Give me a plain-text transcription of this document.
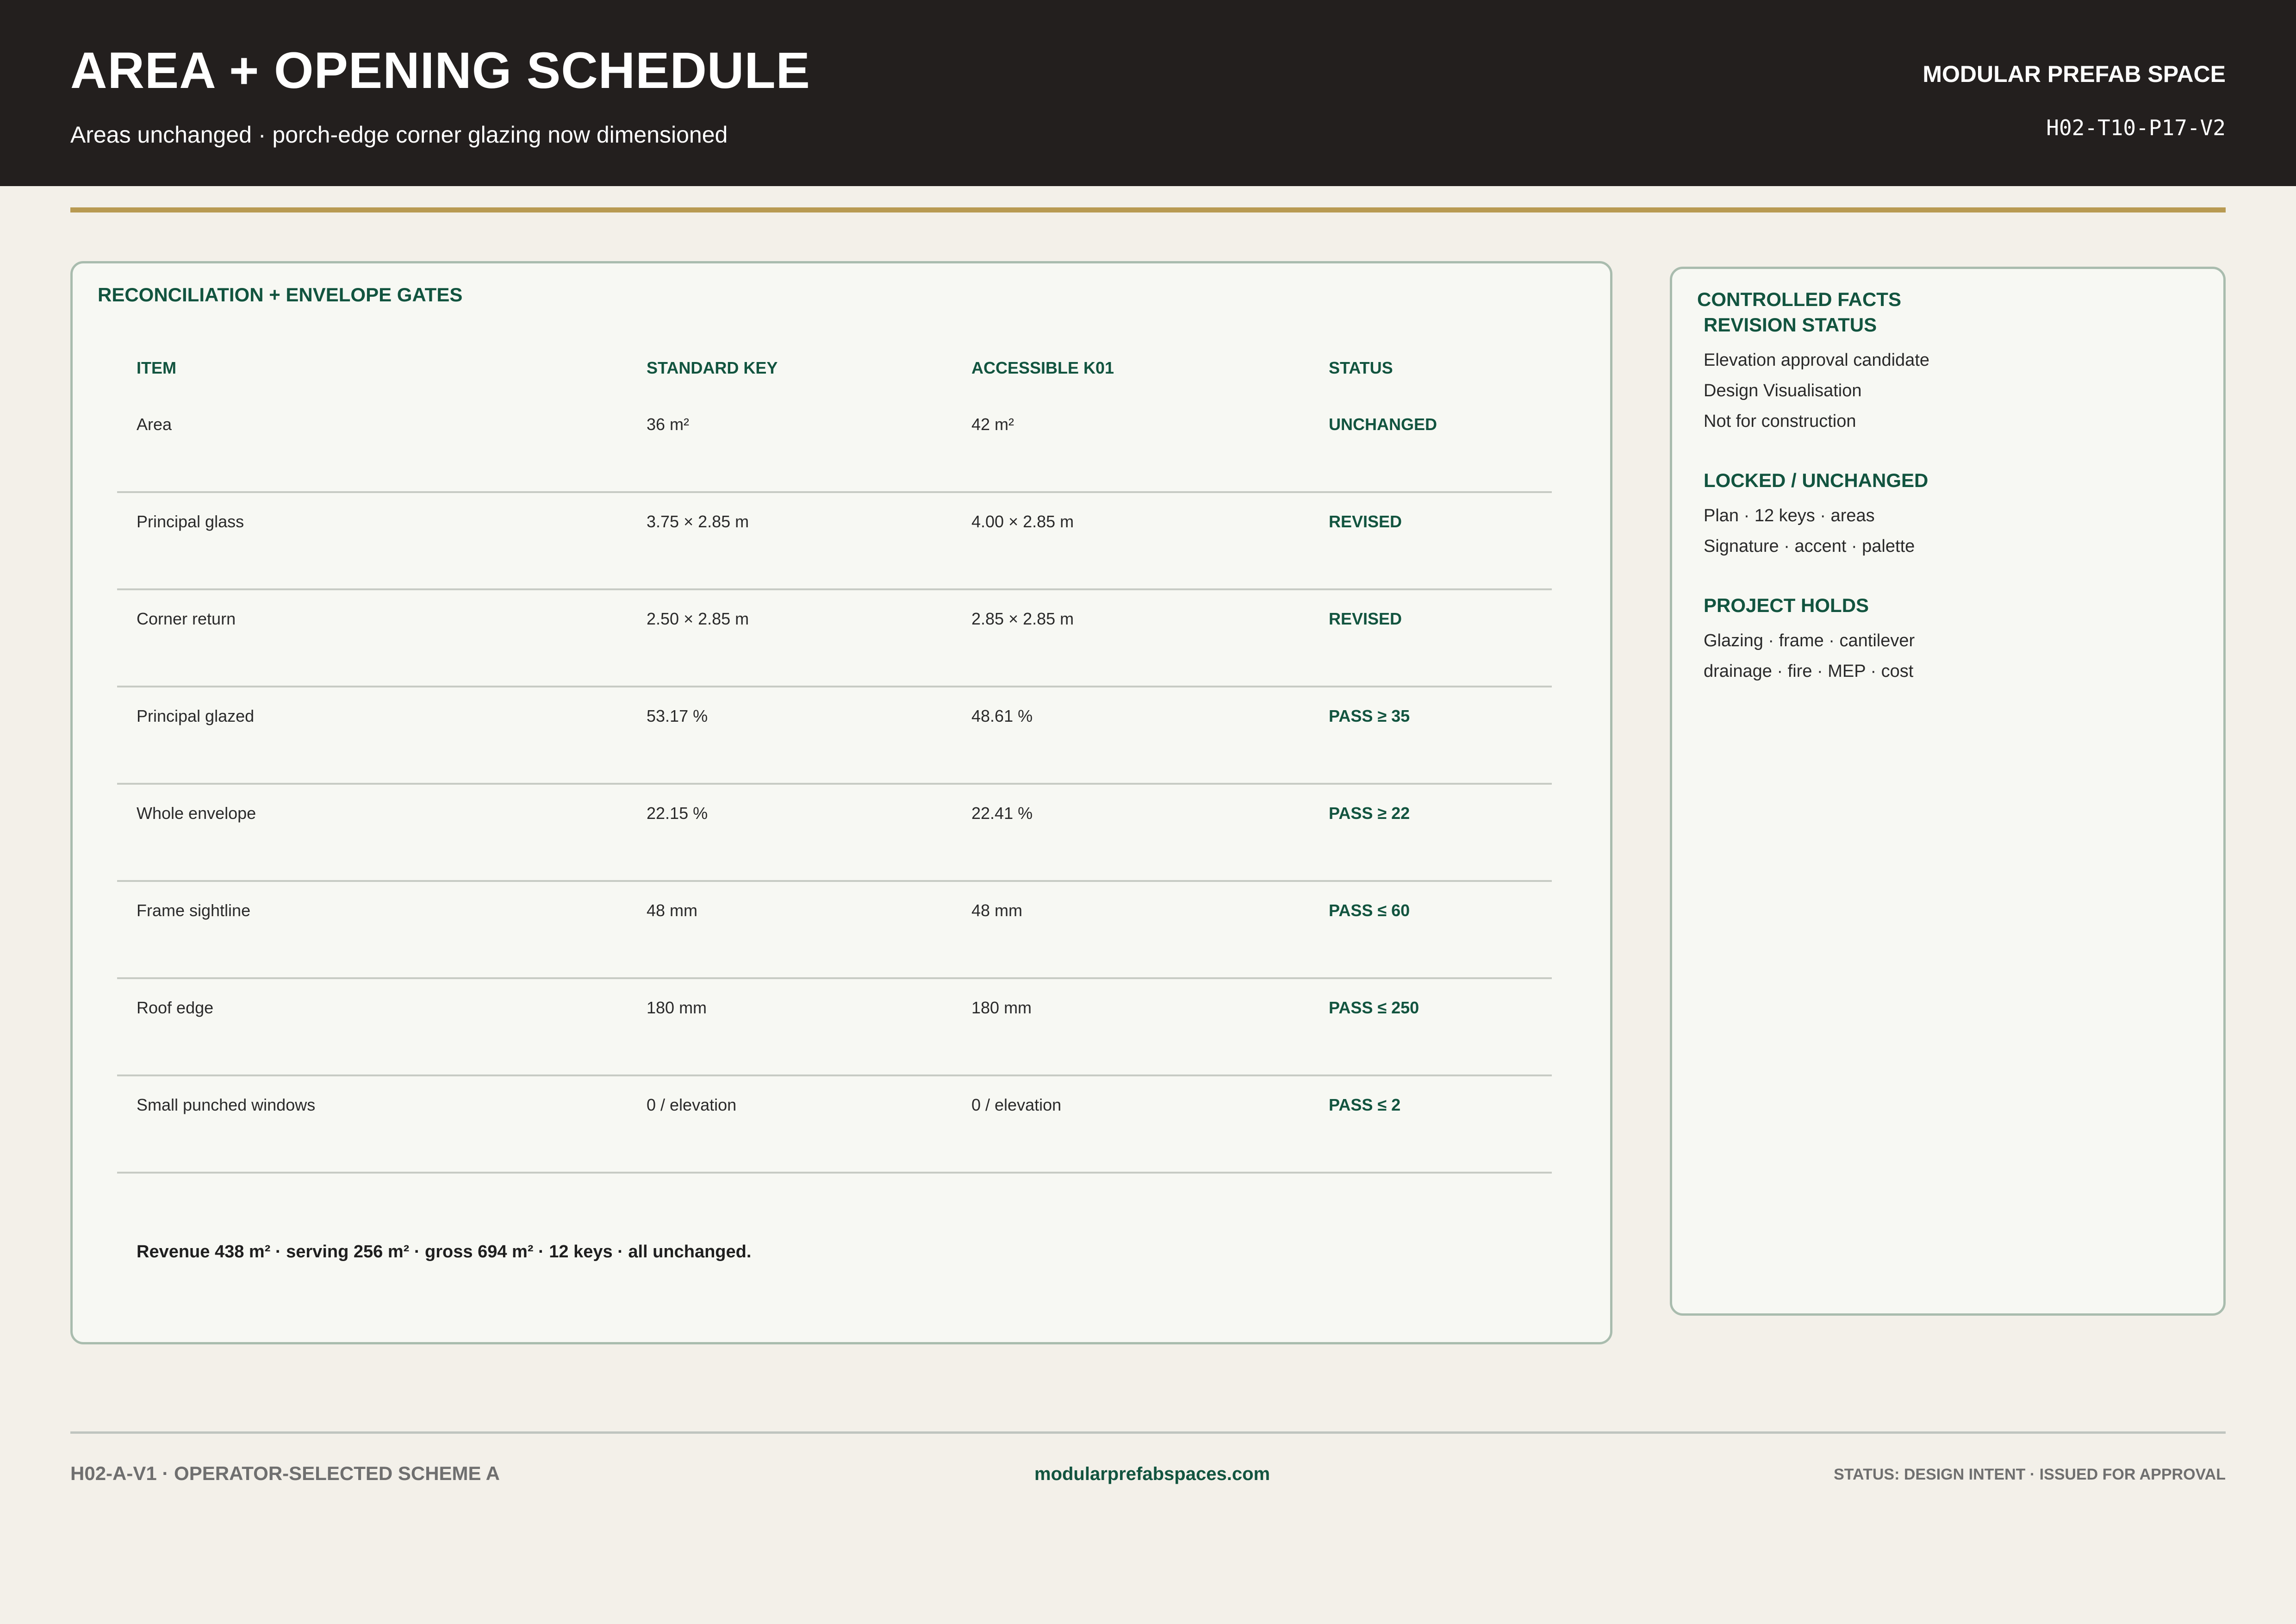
AREA + OPENING SCHEDULE
Areas unchanged · porch-edge corner glazing now dimensioned
MODULAR PREFAB SPACE
H02-T10-P17-V2
RECONCILIATION + ENVELOPE GATES
ITEM	STANDARD KEY	ACCESSIBLE K01	STATUS
Area	36 m²	42 m²	UNCHANGED
Principal glass	3.75 × 2.85 m	4.00 × 2.85 m	REVISED
Corner return	2.50 × 2.85 m	2.85 × 2.85 m	REVISED
Principal glazed	53.17 %	48.61 %	PASS ≥ 35
Whole envelope	22.15 %	22.41 %	PASS ≥ 22
Frame sightline	48 mm	48 mm	PASS ≤ 60
Roof edge	180 mm	180 mm	PASS ≤ 250
Small punched windows	0 / elevation	0 / elevation	PASS ≤ 2
Revenue 438 m² · serving 256 m² · gross 694 m² · 12 keys · all unchanged.
CONTROLLED FACTS
REVISION STATUS
Elevation approval candidate
Design Visualisation
Not for construction
LOCKED / UNCHANGED
Plan · 12 keys · areas
Signature · accent · palette
PROJECT HOLDS
Glazing · frame · cantilever
drainage · fire · MEP · cost
H02-A-V1 · OPERATOR-SELECTED SCHEME A	modularprefabspaces.com	STATUS: DESIGN INTENT · ISSUED FOR APPROVAL
